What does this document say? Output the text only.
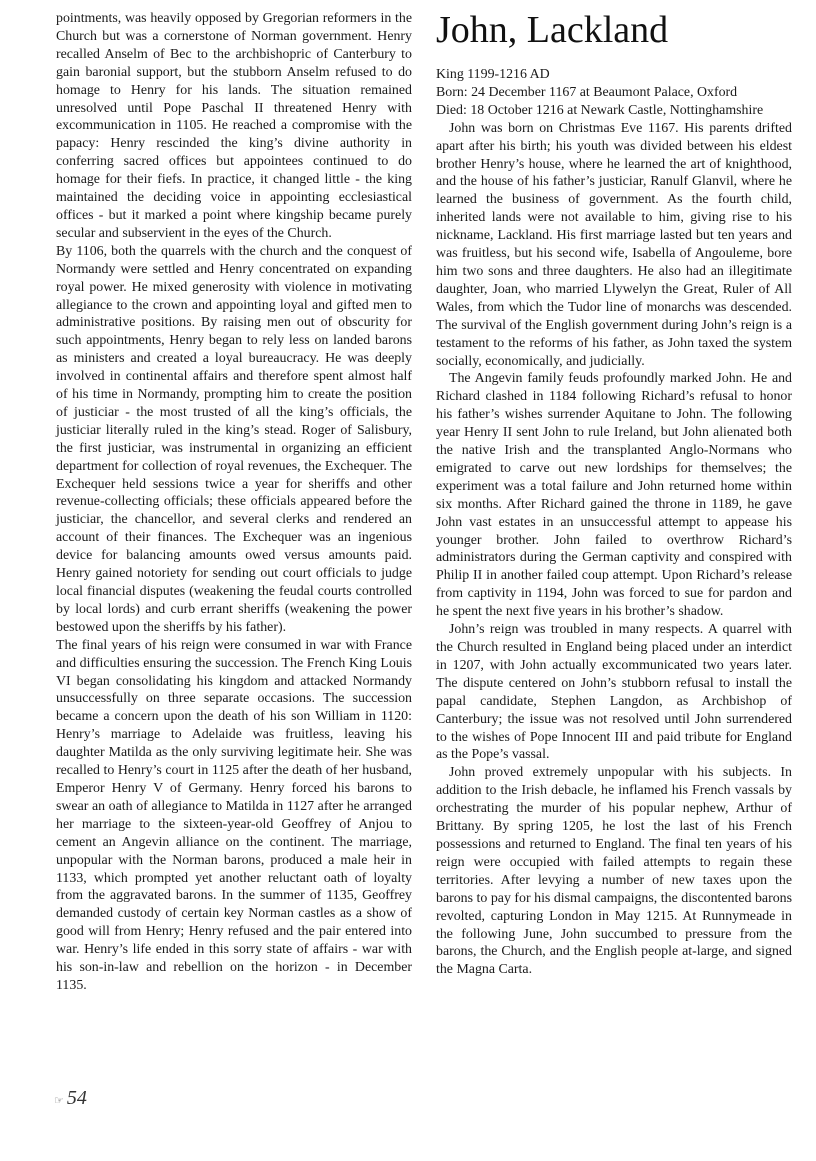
pointments, was heavily opposed by Gregorian reformers in the Church but was a cornerstone of Norman government. Henry recalled Anselm of Bec to the archbishopric of Canterbury to gain baronial support, but the stubborn Anselm refused to do homage to Henry for his lands. The situation remained unresolved until Pope Paschal II threatened Henry with excommunication in 1105. He reached a compromise with the papacy: Henry rescinded the king’s divine authority in conferring sacred offices but appointees continued to do homage for their fiefs. In practice, it changed little - the king maintained the deciding voice in appointing ecclesiastical offices - but it marked a point where kingship became purely secular and subservient in the eyes of the Church.

By 1106, both the quarrels with the church and the conquest of Normandy were settled and Henry concentrated on expanding royal power. He mixed generosity with violence in motivating allegiance to the crown and appointing loyal and gifted men to administrative positions. By raising men out of obscurity for such appointments, Henry began to rely less on landed barons as ministers and created a loyal bureaucracy. He was deeply involved in continental affairs and therefore spent almost half of his time in Normandy, prompting him to create the position of justiciar - the most trusted of all the king’s officials, the justiciar literally ruled in the king’s stead. Roger of Salisbury, the first justiciar, was instrumental in organizing an efficient department for collection of royal revenues, the Exchequer. The Exchequer held sessions twice a year for sheriffs and other revenue-collecting officials; these officials appeared before the justiciar, the chancellor, and several clerks and rendered an account of their finances. The Exchequer was an ingenious device for balancing amounts owed versus amounts paid. Henry gained notoriety for sending out court officials to judge local financial disputes (weakening the feudal courts controlled by local lords) and curb errant sheriffs (weakening the power bestowed upon the sheriffs by his father).

The final years of his reign were consumed in war with France and difficulties ensuring the succession. The French King Louis VI began consolidating his kingdom and attacked Normandy unsuccessfully on three separate occasions. The succession became a concern upon the death of his son William in 1120: Henry’s marriage to Adelaide was fruitless, leaving his daughter Matilda as the only surviving legitimate heir. She was recalled to Henry’s court in 1125 after the death of her husband, Emperor Henry V of Germany. Henry forced his barons to swear an oath of allegiance to Matilda in 1127 after he arranged her marriage to the sixteen-year-old Geoffrey of Anjou to cement an Angevin alliance on the continent. The marriage, unpopular with the Norman barons, produced a male heir in 1133, which prompted yet another reluctant oath of loyalty from the aggravated barons. In the summer of 1135, Geoffrey demanded custody of certain key Norman castles as a show of good will from Henry; Henry refused and the pair entered into war. Henry’s life ended in this sorry state of affairs - war with his son-in-law and rebellion on the horizon - in December 1135.

John, Lackland

King 1199-1216 AD

Born: 24 December 1167 at Beaumont Palace, Oxford

Died: 18 October 1216 at Newark Castle, Nottinghamshire

John was born on Christmas Eve 1167. His parents drifted apart after his birth; his youth was divided between his eldest brother Henry’s house, where he learned the art of knighthood, and the house of his father’s justiciar, Ranulf Glanvil, where he learned the business of government. As the fourth child, inherited lands were not available to him, giving rise to his nickname, Lackland. His first marriage lasted but ten years and was fruitless, but his second wife, Isabella of Angouleme, bore him two sons and three daughters. He also had an illegitimate daughter, Joan, who married Llywelyn the Great, Ruler of All Wales, from which the Tudor line of monarchs was descended. The survival of the English government during John’s reign is a testament to the reforms of his father, as John taxed the system socially, economically, and judicially.

The Angevin family feuds profoundly marked John. He and Richard clashed in 1184 following Richard’s refusal to honor his father’s wishes surrender Aquitane to John. The following year Henry II sent John to rule Ireland, but John alienated both the native Irish and the transplanted Anglo-Normans who emigrated to carve out new lordships for themselves; the experiment was a total failure and John returned home within six months. After Richard gained the throne in 1189, he gave John vast estates in an unsuccessful attempt to appease his younger brother. John failed to overthrow Richard’s administrators during the German captivity and conspired with Philip II in another failed coup attempt. Upon Richard’s release from captivity in 1194, John was forced to sue for pardon and he spent the next five years in his brother’s shadow.

John’s reign was troubled in many respects. A quarrel with the Church resulted in England being placed under an interdict in 1207, with John actually excommunicated two years later. The dispute centered on John’s stubborn refusal to install the papal candidate, Stephen Langdon, as Archbishop of Canterbury; the issue was not resolved until John surrendered to the wishes of Pope Innocent III and paid tribute for England as the Pope’s vassal.

John proved extremely unpopular with his subjects. In addition to the Irish debacle, he inflamed his French vassals by orchestrating the murder of his popular nephew, Arthur of Brittany. By spring 1205, he lost the last of his French possessions and returned to England. The final ten years of his reign were occupied with failed attempts to regain these territories. After levying a number of new taxes upon the barons to pay for his dismal campaigns, the discontented barons revolted, capturing London in May 1215. At Runnymeade in the following June, John succumbed to pressure from the barons, the Church, and the English people at-large, and signed the Magna Carta.

☞ 54
